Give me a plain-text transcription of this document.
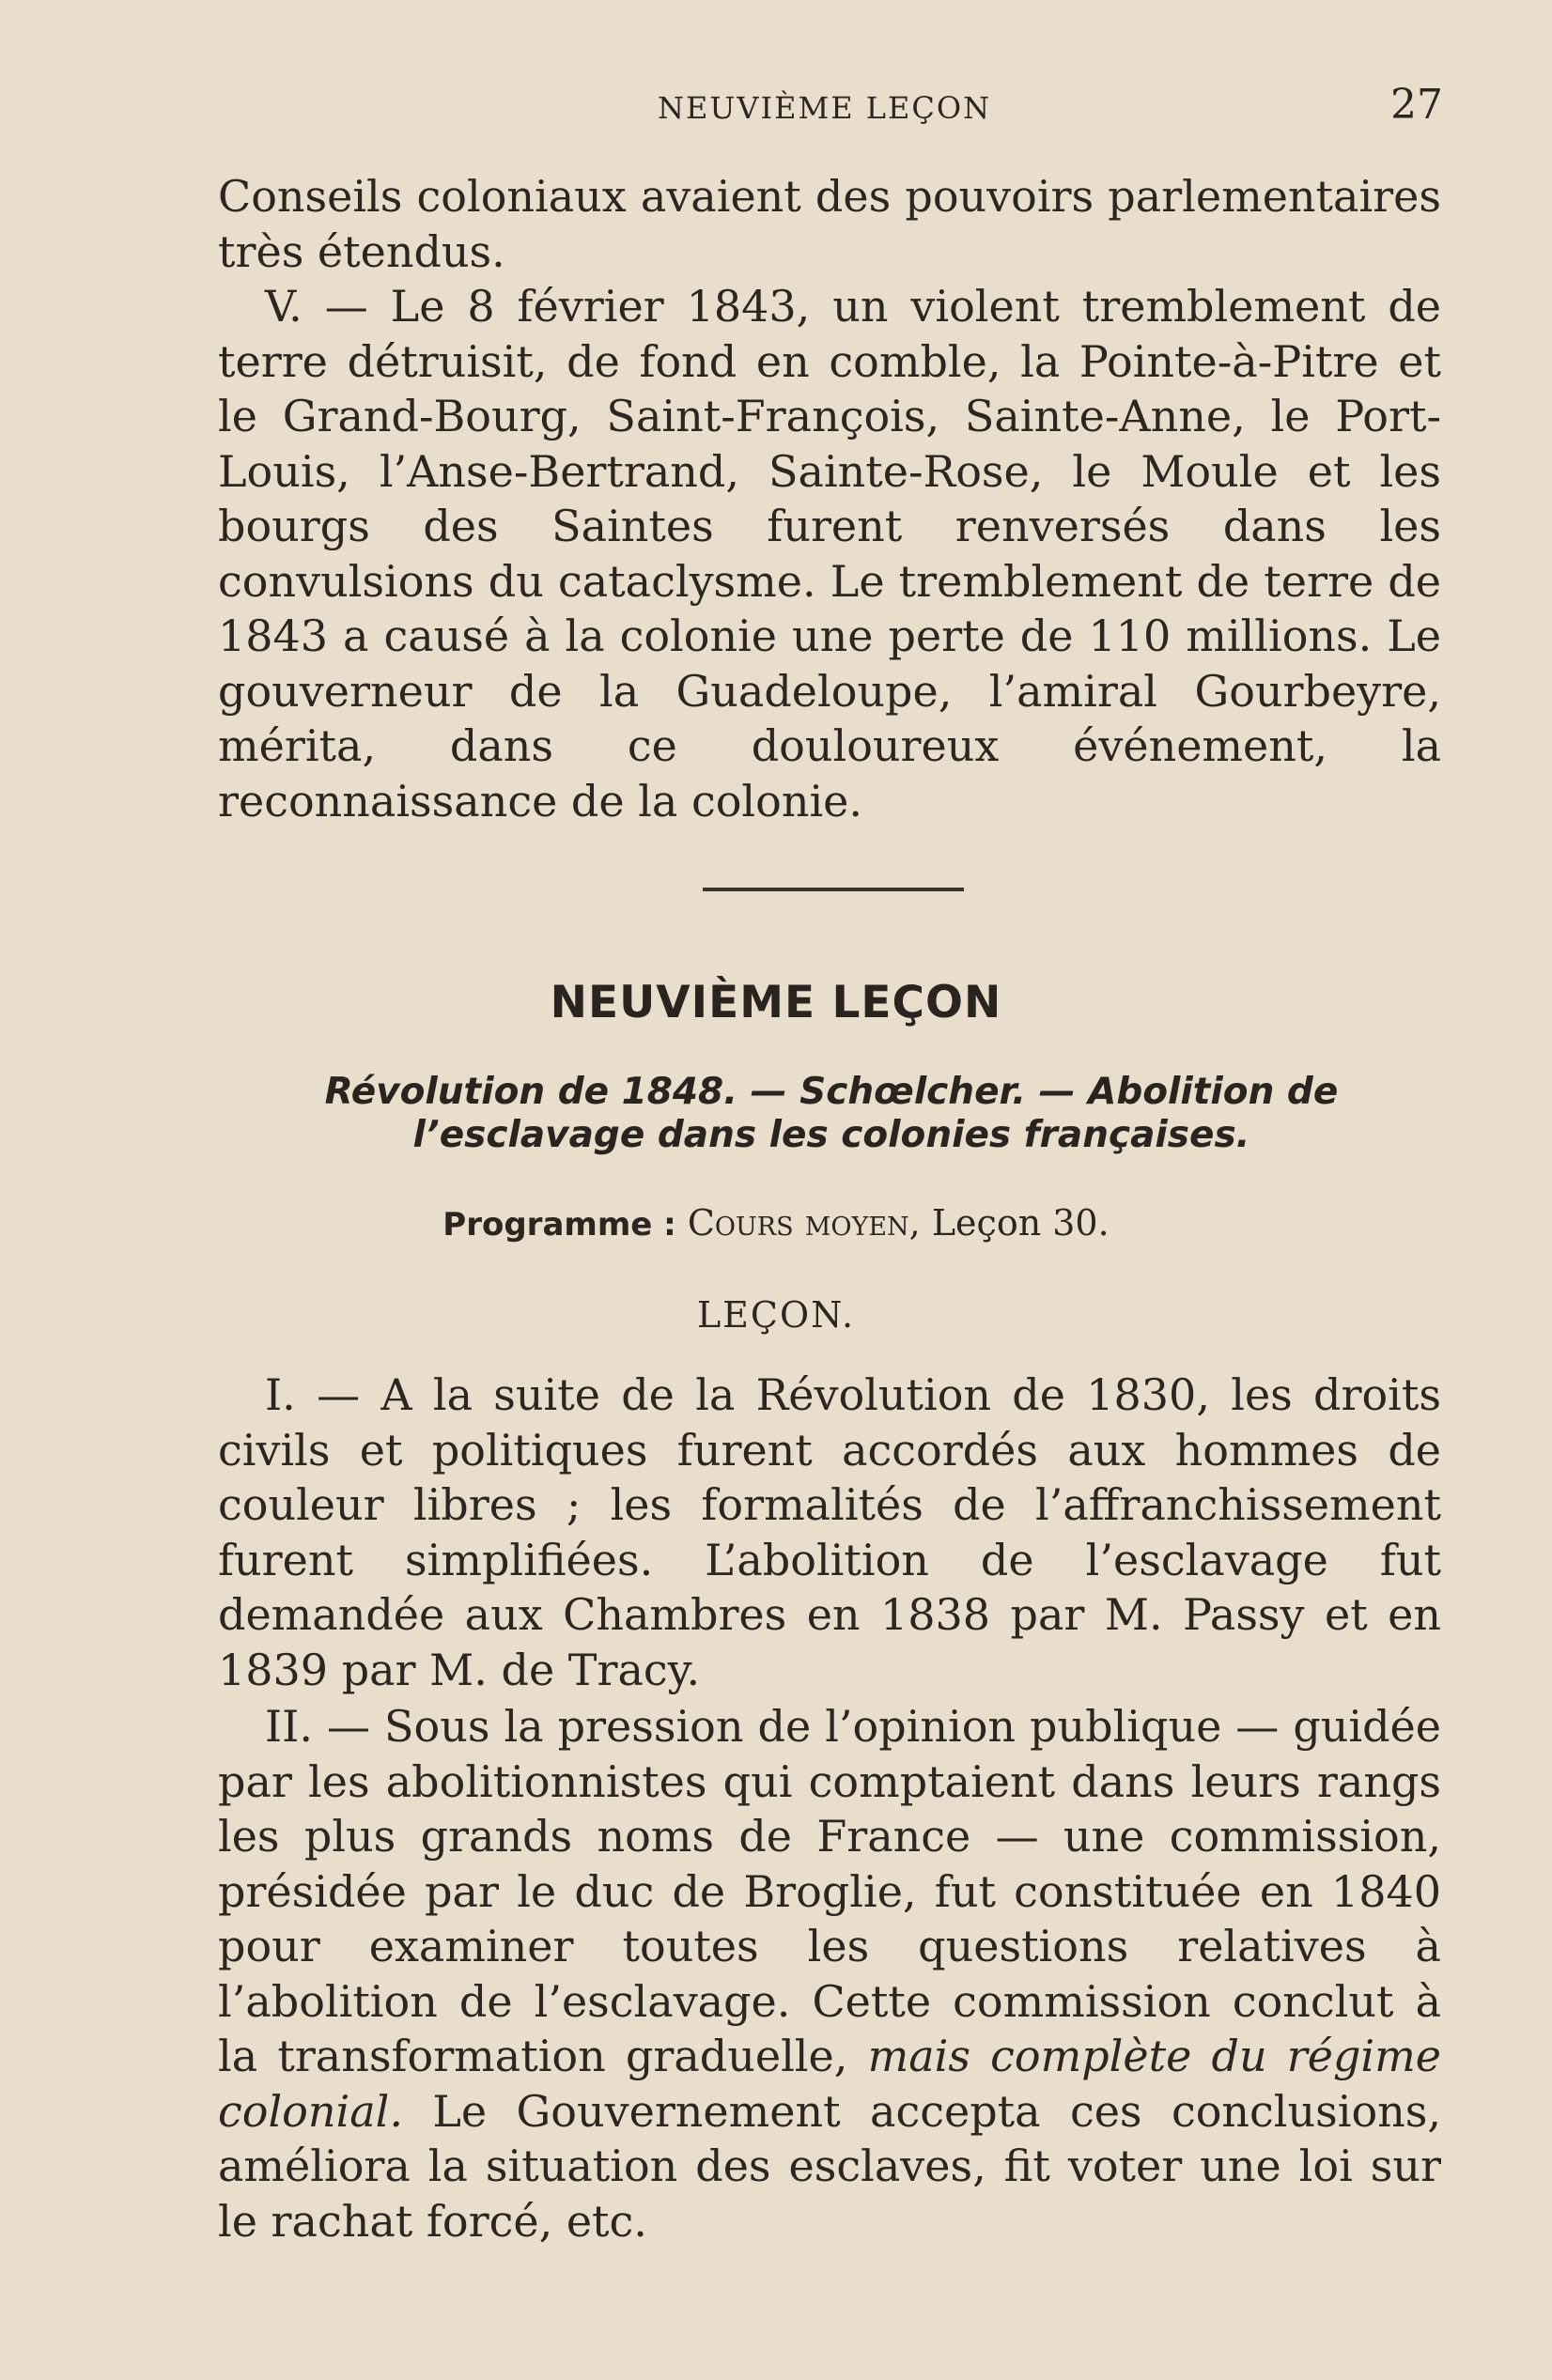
NEUVIÈME LEÇON	27

Conseils coloniaux avaient des pouvoirs parlementaires très étendus.

V. — Le 8 février 1843, un violent tremblement de terre détruisit, de fond en comble, la Pointe-à-Pitre et le Grand-Bourg, Saint-François, Sainte-Anne, le Port-Louis, l’Anse-Bertrand, Sainte-Rose, le Moule et les bourgs des Saintes furent renversés dans les convulsions du cataclysme. Le tremblement de terre de 1843 a causé à la colonie une perte de 110 millions. Le gouverneur de la Guadeloupe, l’amiral Gourbeyre, mérita, dans ce douloureux événement, la reconnaissance de la colonie.

NEUVIÈME LEÇON
Révolution de 1848. — Schœlcher. — Abolition de
l’esclavage dans les colonies françaises.
Programme : Cours moyen, Leçon 30.
LEÇON.

I. — A la suite de la Révolution de 1830, les droits civils et politiques furent accordés aux hommes de couleur libres ; les formalités de l’affranchissement furent simplifiées. L’abolition de l’esclavage fut demandée aux Chambres en 1838 par M. Passy et en 1839 par M. de Tracy.

II. — Sous la pression de l’opinion publique — guidée par les abolitionnistes qui comptaient dans leurs rangs les plus grands noms de France — une commission, présidée par le duc de Broglie, fut constituée en 1840 pour examiner toutes les questions relatives à l’abolition de l’esclavage. Cette commission conclut à la transformation graduelle, mais complète du régime colonial. Le Gouvernement accepta ces conclusions, améliora la situation des esclaves, fit voter une loi sur le rachat forcé, etc.
